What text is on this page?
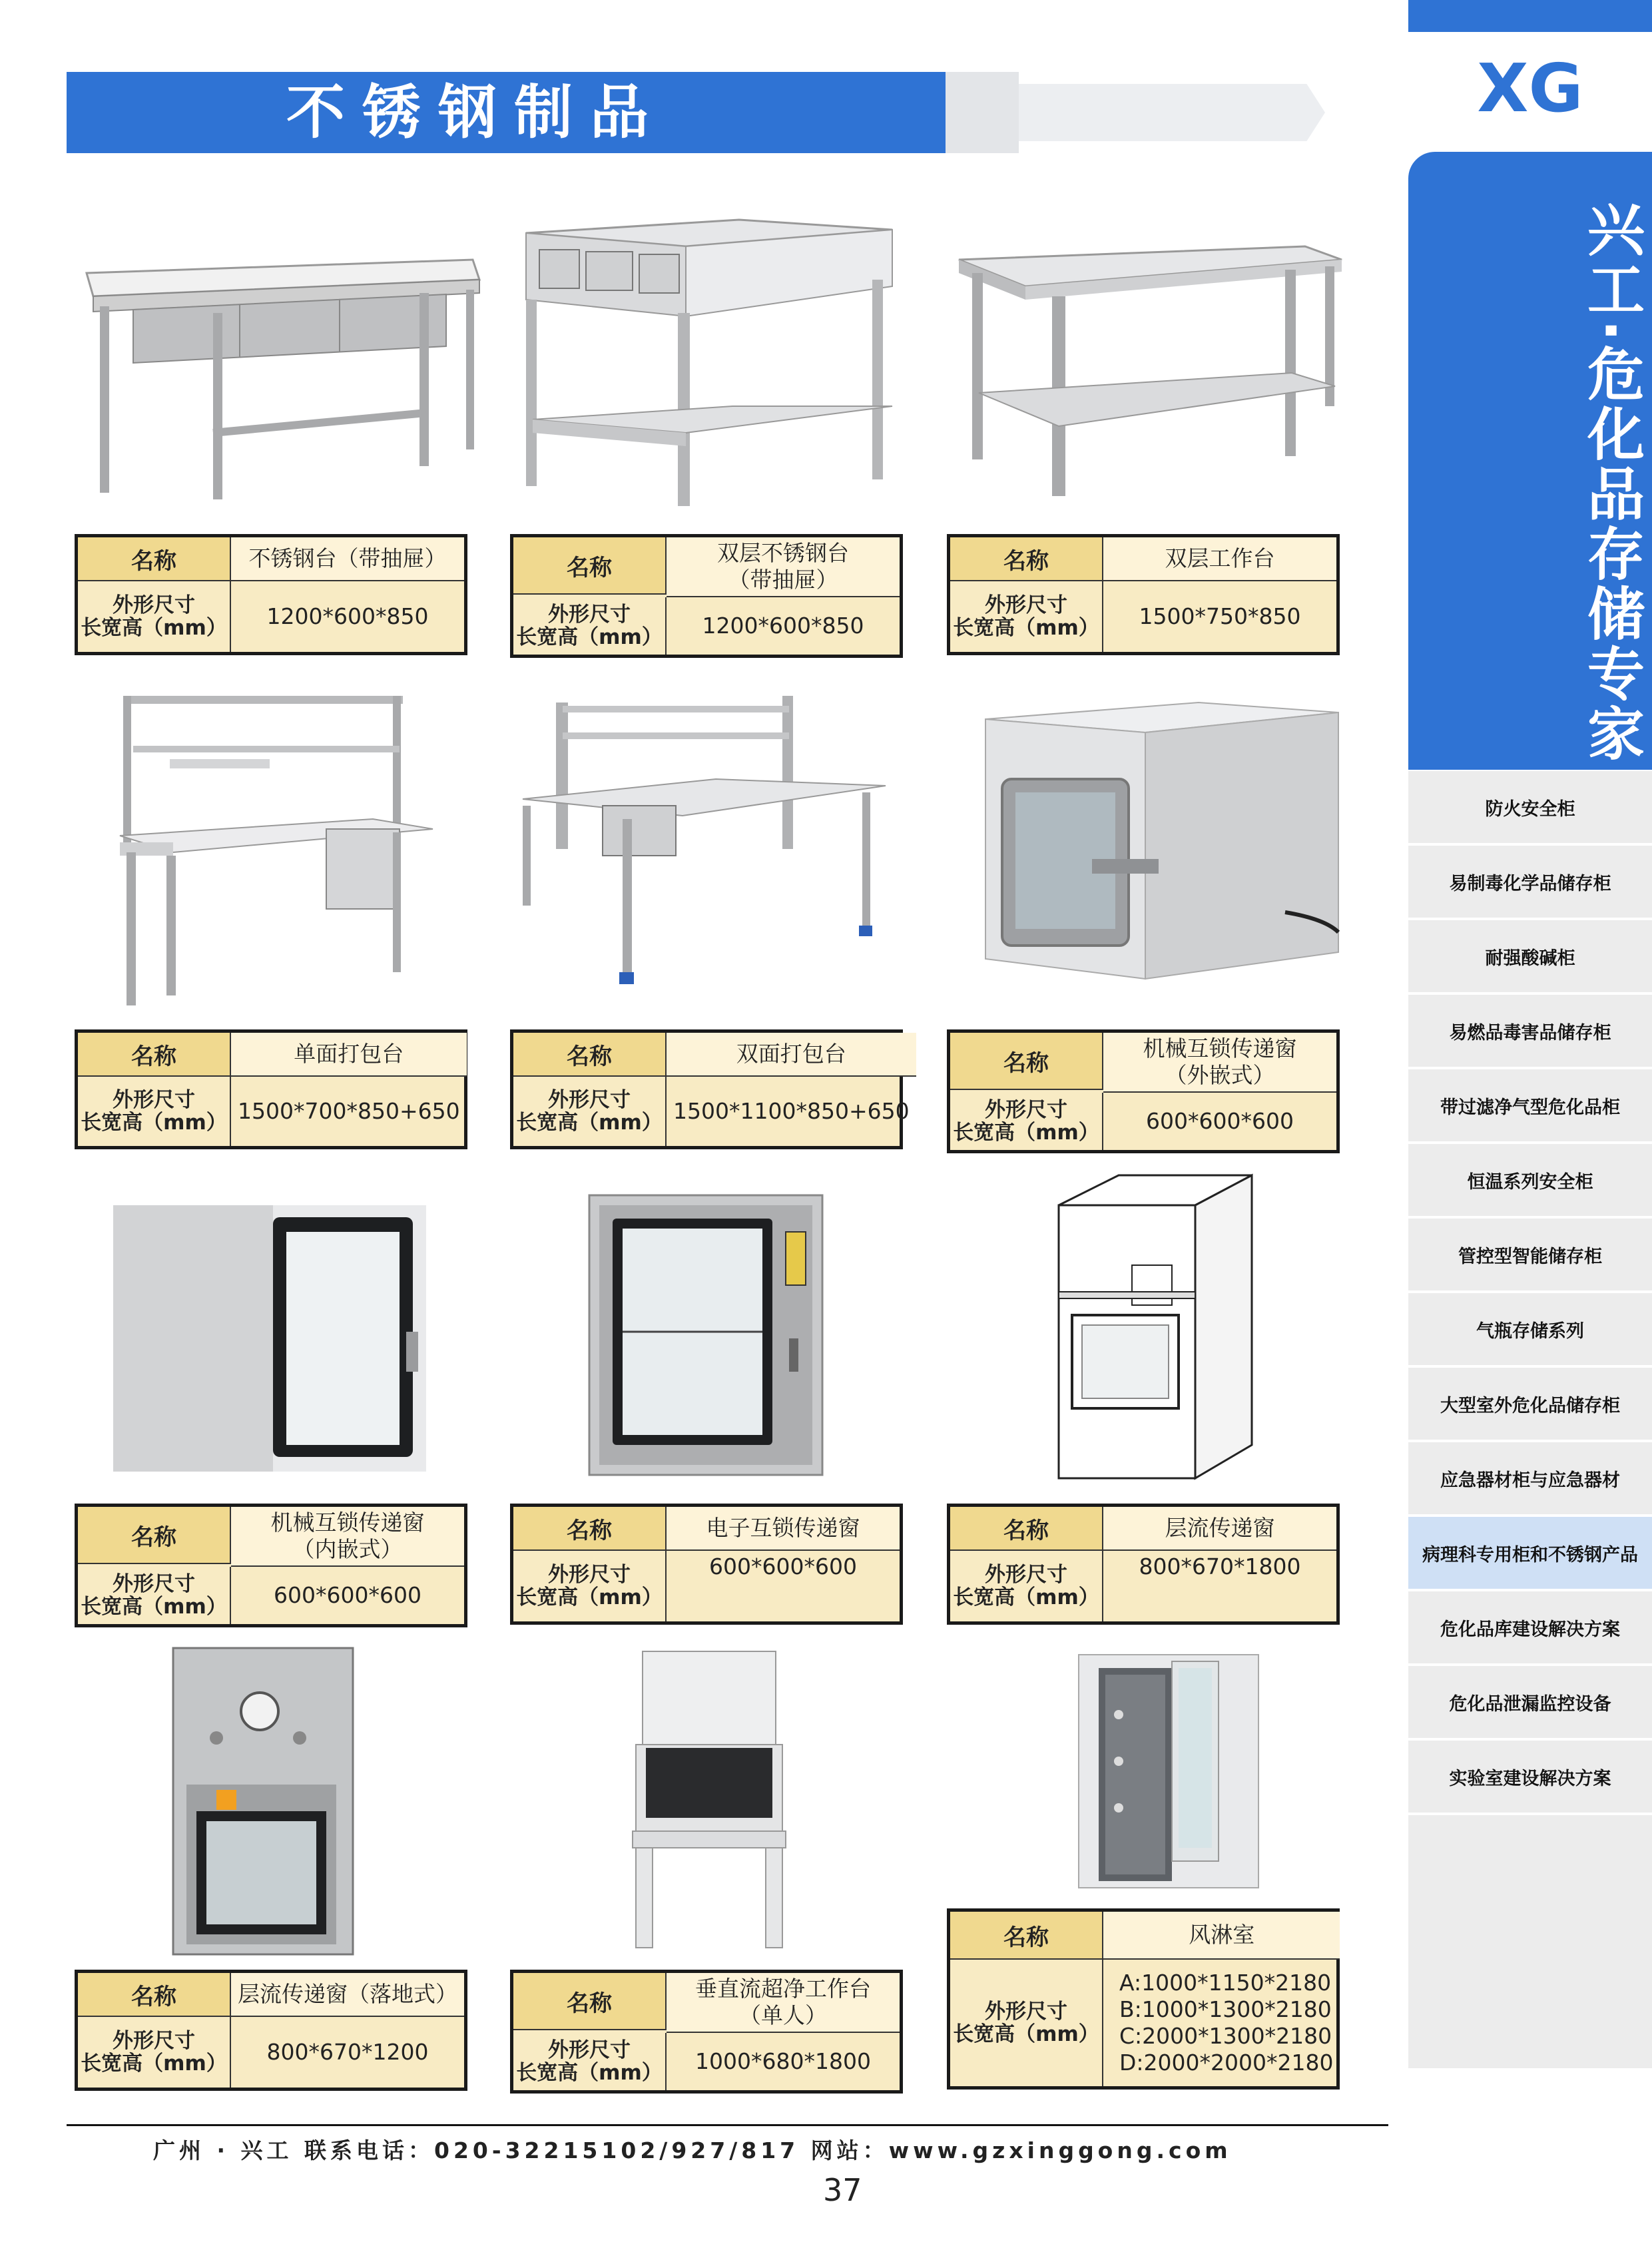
不锈钢制品	XG
兴工·危化品存储专家
防火安全柜
易制毒化学品储存柜
耐强酸碱柜
易燃品毒害品储存柜
带过滤净气型危化品柜
恒温系列安全柜
管控型智能储存柜
气瓶存储系列
大型室外危化品储存柜
应急器材柜与应急器材
病理科专用柜和不锈钢产品
危化品库建设解决方案
危化品泄漏监控设备
实验室建设解决方案
名称	不锈钢台（带抽屉）
外形尺寸
长宽高（mm）	1200*600*850
名称
双层不锈钢台
（带抽屉）
外形尺寸
长宽高（mm）	1200*600*850
名称	双层工作台
外形尺寸
长宽高（mm）	1500*750*850
名称	单面打包台
外形尺寸
长宽高（mm） 1500*700*850+650
名称	双面打包台
外形尺寸
长宽高（mm） 1500*1100*850+650
名称
机械互锁传递窗
（外嵌式）
外形尺寸
长宽高（mm）	600*600*600
名称
机械互锁传递窗
（内嵌式）
外形尺寸
长宽高（mm）	600*600*600
名称	电子互锁传递窗
外形尺寸
长宽高（mm）
600*600*600
名称	层流传递窗
外形尺寸
长宽高（mm）
800*670*1800
名称	层流传递窗（落地式）
外形尺寸
长宽高（mm）	800*670*1200
名称
垂直流超净工作台
（单人）
外形尺寸
长宽高（mm）	1000*680*1800
名称	风淋室
外形尺寸
长宽高（mm）
A:1000*1150*2180
B:1000*1300*2180
C:2000*1300*2180
D:2000*2000*2180
广州 · 兴工 联系电话：020-32215102/927/817 网站：www.gzxinggong.com
37
